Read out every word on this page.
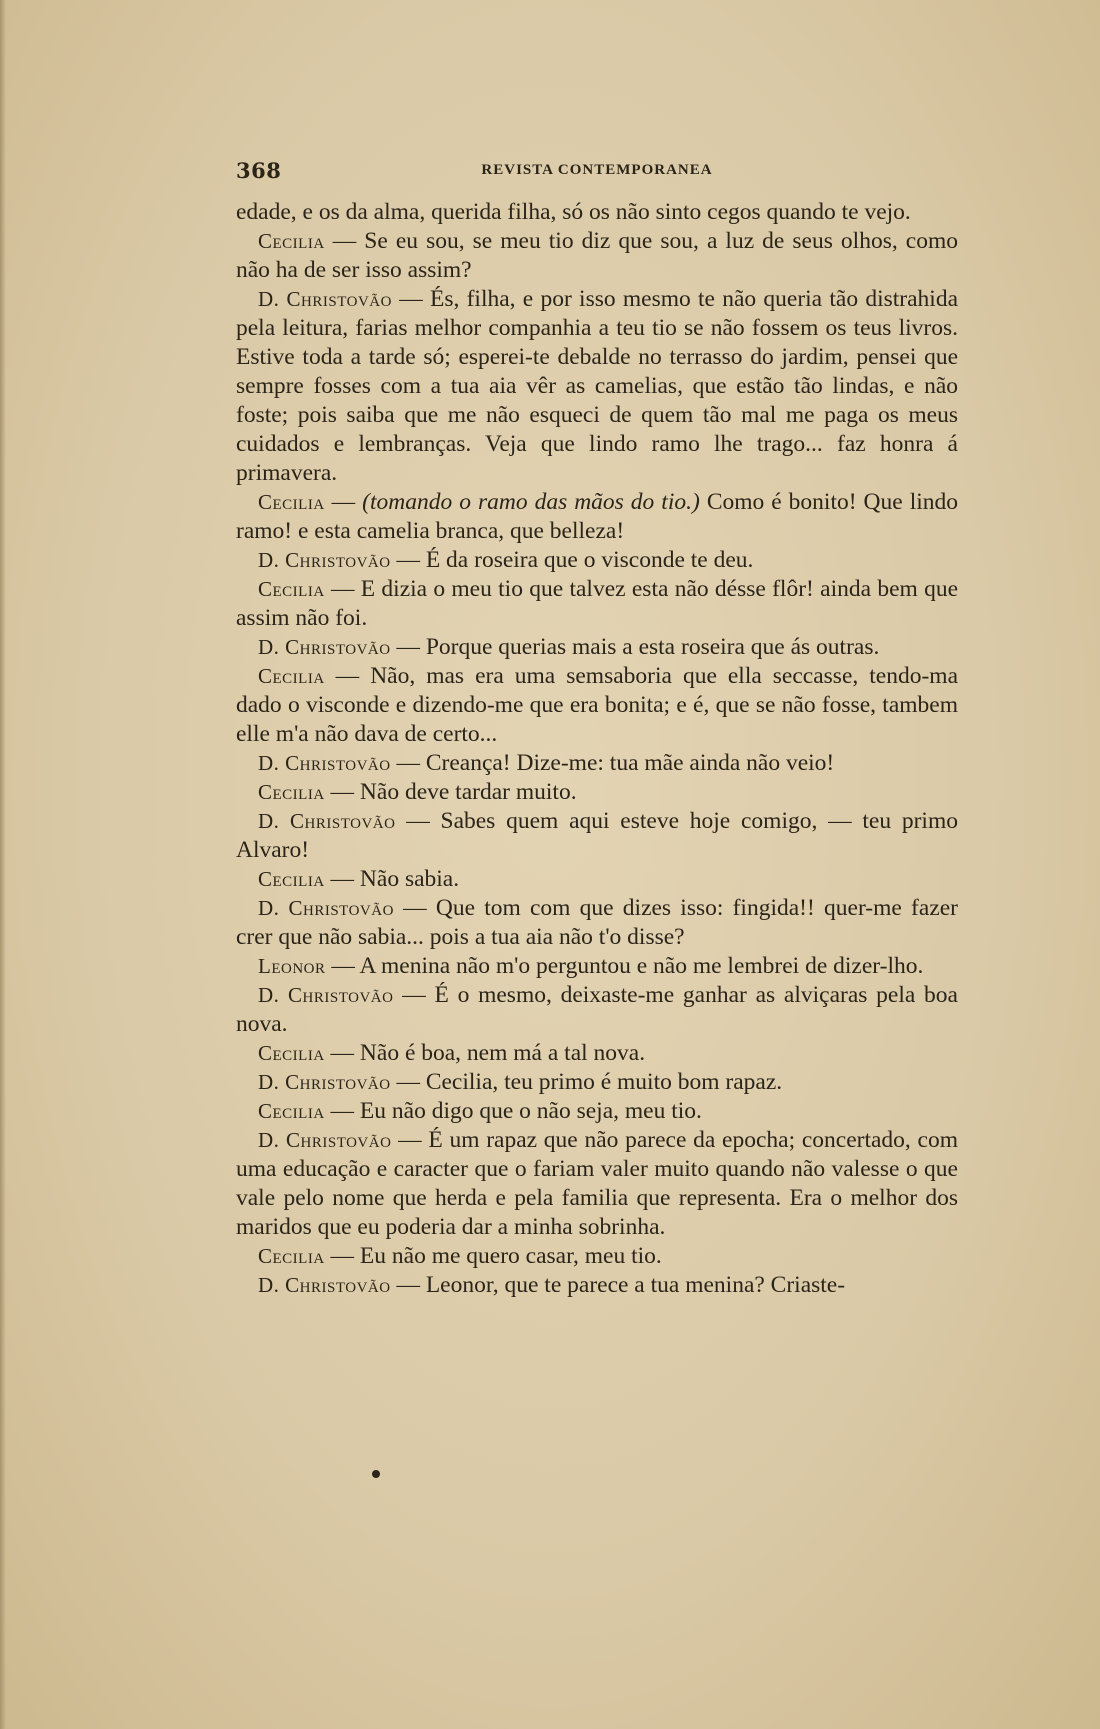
368	REVISTA CONTEMPORANEA

edade, e os da alma, querida filha, só os não sinto cegos quando te vejo.

Cecilia — Se eu sou, se meu tio diz que sou, a luz de seus olhos, como não ha de ser isso assim?

D. Christovão — És, filha, e por isso mesmo te não queria tão distrahida pela leitura, farias melhor companhia a teu tio se não fossem os teus livros. Estive toda a tarde só; esperei-te debalde no terrasso do jardim, pensei que sempre fosses com a tua aia vêr as camelias, que estão tão lindas, e não foste; pois saiba que me não esqueci de quem tão mal me paga os meus cuidados e lembranças. Veja que lindo ramo lhe trago... faz honra á primavera.

Cecilia — (tomando o ramo das mãos do tio.) Como é bonito! Que lindo ramo! e esta camelia branca, que belleza!

D. Christovão — É da roseira que o visconde te deu.

Cecilia — E dizia o meu tio que talvez esta não désse flôr! ainda bem que assim não foi.

D. Christovão — Porque querias mais a esta roseira que ás outras.

Cecilia — Não, mas era uma semsaboria que ella seccasse, tendo-ma dado o visconde e dizendo-me que era bonita; e é, que se não fosse, tambem elle m'a não dava de certo...

D. Christovão — Creança! Dize-me: tua mãe ainda não veio!

Cecilia — Não deve tardar muito.

D. Christovão — Sabes quem aqui esteve hoje comigo, — teu primo Alvaro!

Cecilia — Não sabia.

D. Christovão — Que tom com que dizes isso: fingida!! quer-me fazer crer que não sabia... pois a tua aia não t'o disse?

Leonor — A menina não m'o perguntou e não me lembrei de dizer-lho.

D. Christovão — É o mesmo, deixaste-me ganhar as alviçaras pela boa nova.

Cecilia — Não é boa, nem má a tal nova.

D. Christovão — Cecilia, teu primo é muito bom rapaz.

Cecilia — Eu não digo que o não seja, meu tio.

D. Christovão — É um rapaz que não parece da epocha; concertado, com uma educação e caracter que o fariam valer muito quando não valesse o que vale pelo nome que herda e pela familia que representa. Era o melhor dos maridos que eu poderia dar a minha sobrinha.

Cecilia — Eu não me quero casar, meu tio.

D. Christovão — Leonor, que te parece a tua menina? Criaste-
